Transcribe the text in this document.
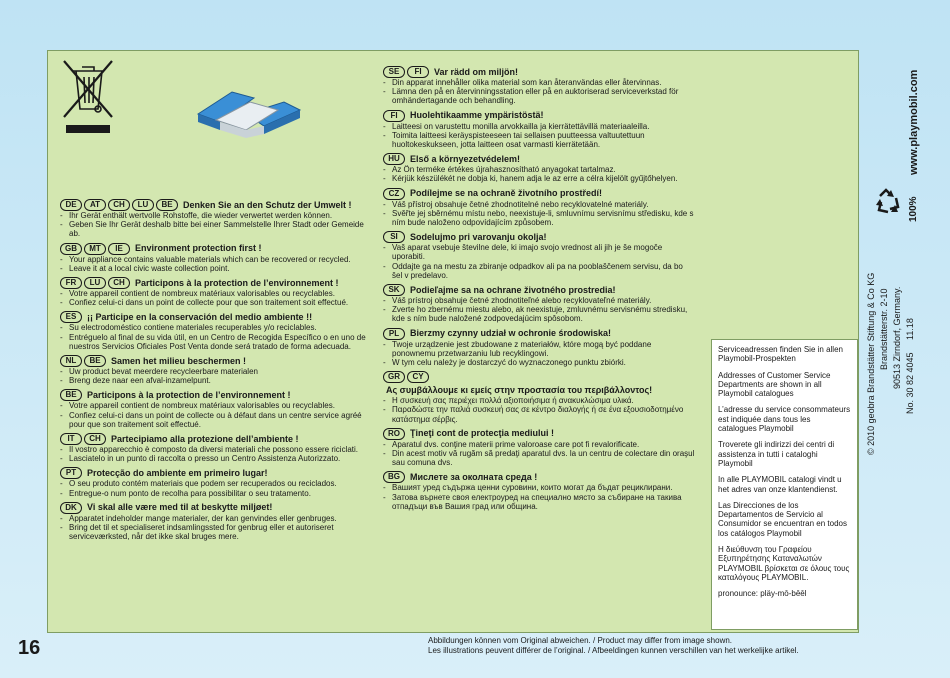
DE	AT	CH	LU	BE	Denken Sie an den Schutz der Umwelt !
- Ihr Gerät enthält wertvolle Rohstoffe, die wieder verwertet werden können.
- Geben Sie Ihr Gerät deshalb bitte bei einer Sammelstelle Ihrer Stadt oder Gemeide ab.
GB	MT	IE	Environment protection first !
- Your appliance contains valuable materials which can be recovered or recycled.
- Leave it at a local civic waste collection point.
FR	LU	CH	Participons à la protection de l’environnement !
- Votre appareil contient de nombreux matériaux valorisables ou recyclables.
- Confiez celui-ci dans un point de collecte pour que son traitement soit effectué.
ES	¡¡ Participe en la conservación del medio ambiente !!
- Su electrodoméstico contiene materiales recuperables y/o reciclables.
- Entréguelo al final de su vida útil, en un Centro de Recogida Específico o en uno de nuestros Servicios Oficiales Post Venta donde será tratado de forma adecuada.
NL	BE	Samen het milieu beschermen !
- Uw product bevat meerdere recycleerbare materialen
- Breng deze naar een afval-inzamelpunt.
BE	Participons à la protection de l’environnement !
- Votre appareil contient de nombreux matériaux valorisables ou recyclables.
- Confiez celui-ci dans un point de collecte ou à défaut dans un centre service agréé pour que son traitement soit effectué.
IT	CH	Partecipiamo alla protezione dell’ambiente !
- Il vostro apparecchio è composto da diversi materiali che possono essere riciclati.
- Lasciatelo in un punto di raccolta o presso un Centro Assistenza Autorizzato.
PT	Protecção do ambiente em primeiro lugar!
- O seu produto contém materiais que podem ser recuperados ou reciclados.
- Entregue-o num ponto de recolha para possibilitar o seu tratamento.
DK	Vi skal alle være med til at beskytte miljøet!
- Apparatet indeholder mange materialer, der kan genvindes eller genbruges.
- Bring det til et specialiseret indsamlingssted for genbrug eller et autoriseret serviceværksted, når det ikke skal bruges mere.
SE	FI	Var rädd om miljön!
- Din apparat innehåller olika material som kan återanvändas eller återvinnas.
- Lämna den på en återvinningsstation eller på en auktoriserad serviceverkstad för omhändertagande och behandling.
FI	Huolehtikaamme ympäristöstä!
- Laitteesi on varustettu monilla arvokkailla ja kierrätettävillä materiaaleilla.
- Toimita laitteesi keräyspisteeseen tai sellaisen puutteessa valtuutettuun huoltokeskukseen, jotta laitteen osat varmasti kierrätetään.
HU	Első a környezetvédelem!
- Az Ön terméke értékes újrahasznosítható anyagokat tartalmaz.
- Kérjük készülékét ne dobja ki, hanem adja le az erre a célra kijelölt gyűjtőhelyen.
CZ	Podílejme se na ochraně životního prostředí!
- Váš přístroj obsahuje četné zhodnotitelné nebo recyklovatelné materiály.
- Svěřte jej sběrnému místu nebo, neexistuje-li, smluvnímu servisnímu středisku, kde s ním bude naloženo odpovídajícím způsobem.
SI	Sodelujmo pri varovanju okolja!
- Vaš aparat vsebuje številne dele, ki imajo svojo vrednost ali jih je še mogoče uporabiti.
- Oddajte ga na mestu za zbiranje odpadkov ali pa na pooblaščenem servisu, da bo šel v predelavo.
SK	Podieľajme sa na ochrane životného prostredia!
- Váš prístroj obsahuje četné zhodnotiteľné alebo recyklovateľné materiály.
- Zverte ho zbernému miestu alebo, ak neexistuje, zmluvnému servisnému stredisku, kde s ním bude naložené zodpovedajúcim spôsobom.
PL	Bierzmy czynny udział w ochronie środowiska!
- Twoje urządzenie jest zbudowane z materiałów, które mogą być poddane ponownemu przetwarzaniu lub recyklingowi.
- W tym celu należy je dostarczyć do wyznaczonego punktu zbiórki.
GR	CY
Ας συμβάλλουμε κι εμείς στην προστασία του περιβάλλοντος!
- Η συσκευή σας περιέχει πολλά αξιοποιήσιμα ή ανακυκλώσιμα υλικά.
- Παραδώστε την παλιά συσκευή σας σε κέντρο διαλογής ή σε ένα εξουσιοδοτημένο κατάστημα σέρβις.
RO	Ţineţi cont de protecţia mediului !
- Aparatul dvs. conţine materii prime valoroase care pot fi revalorificate.
- Din acest motiv vă rugăm să predaţi aparatul dvs. la un centru de colectare din oraşul sau comuna dvs.
BG	Мислете за околната среда !
- Вашият уред съдържа ценни суровини, които могат да бъдат рециклирани.
- Затова върнете своя електроуред на специално място за събиране на такива отпадъци във Вашия град или община.

Serviceadressen finden Sie in allen Playmobil-Prospekten

Addresses of Customer Service Departments are shown in all Playmobil catalogues

L’adresse du service consommateurs est indiquée dans tous les catalogues Playmobil

Troverete gli indirizzi dei centri di assistenza in tutti i cataloghi Playmobil

In alle PLAYMOBIL catalogi vindt u het adres van onze klantendienst.

Las Direcciones de los Departamentos de Servicio al Consumidor se encuentran en todos los catálogos Playmobil

Η διεύθυνση του Γραφείου Εξυπηρέτησης Καταναλωτών PLAYMOBIL βρίσκεται σε όλους τους καταλόγους PLAYMOBIL.

pronounce: pläy-mō-bēēl

www.playmobil.com
100%
© 2010 geobra Brandstätter Stiftung & Co KG Brandstätterstr. 2-10 90513 Zirndorf, Germany. No. 30 82 4045     11.18
16	Abbildungen können vom Original abweichen. / Product may differ from image shown.
Les illustrations peuvent différer de l’original. / Afbeeldingen kunnen verschillen van het werkelijke artikel.
